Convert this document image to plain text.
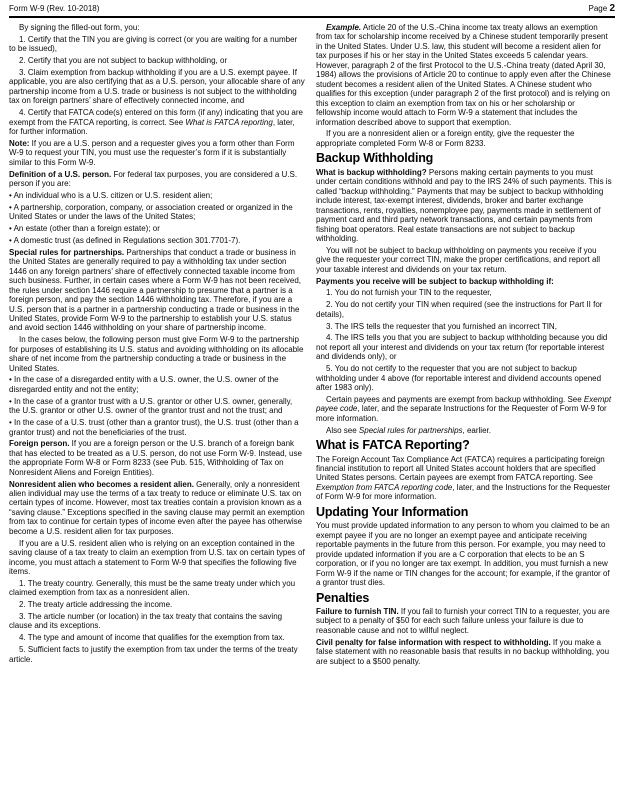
Form W-9 (Rev. 10-2018)	Page 2

By signing the filled-out form, you:

1. Certify that the TIN you are giving is correct (or you are waiting for a number to be issued),

2. Certify that you are not subject to backup withholding, or

3. Claim exemption from backup withholding if you are a U.S. exempt payee. If applicable, you are also certifying that as a U.S. person, your allocable share of any partnership income from a U.S. trade or business is not subject to the withholding tax on foreign partners’ share of effectively connected income, and

4. Certify that FATCA code(s) entered on this form (if any) indicating that you are exempt from the FATCA reporting, is correct. See What is FATCA reporting, later, for further information.

Note: If you are a U.S. person and a requester gives you a form other than Form W-9 to request your TIN, you must use the requester’s form if it is substantially similar to this Form W-9.

Definition of a U.S. person. For federal tax purposes, you are considered a U.S. person if you are:

• An individual who is a U.S. citizen or U.S. resident alien;

• A partnership, corporation, company, or association created or organized in the United States or under the laws of the United States;

• An estate (other than a foreign estate); or

• A domestic trust (as defined in Regulations section 301.7701-7).

Special rules for partnerships. Partnerships that conduct a trade or business in the United States are generally required to pay a withholding tax under section 1446 on any foreign partners’ share of effectively connected taxable income from such business. Further, in certain cases where a Form W-9 has not been received, the rules under section 1446 require a partnership to presume that a partner is a foreign person, and pay the section 1446 withholding tax. Therefore, if you are a U.S. person that is a partner in a partnership conducting a trade or business in the United States, provide Form W-9 to the partnership to establish your U.S. status and avoid section 1446 withholding on your share of partnership income.

In the cases below, the following person must give Form W-9 to the partnership for purposes of establishing its U.S. status and avoiding withholding on its allocable share of net income from the partnership conducting a trade or business in the United States.

• In the case of a disregarded entity with a U.S. owner, the U.S. owner of the disregarded entity and not the entity;

• In the case of a grantor trust with a U.S. grantor or other U.S. owner, generally, the U.S. grantor or other U.S. owner of the grantor trust and not the trust; and

• In the case of a U.S. trust (other than a grantor trust), the U.S. trust (other than a grantor trust) and not the beneficiaries of the trust.

Foreign person. If you are a foreign person or the U.S. branch of a foreign bank that has elected to be treated as a U.S. person, do not use Form W-9. Instead, use the appropriate Form W-8 or Form 8233 (see Pub. 515, Withholding of Tax on Nonresident Aliens and Foreign Entities).

Nonresident alien who becomes a resident alien. Generally, only a nonresident alien individual may use the terms of a tax treaty to reduce or eliminate U.S. tax on certain types of income. However, most tax treaties contain a provision known as a “saving clause.” Exceptions specified in the saving clause may permit an exemption from tax to continue for certain types of income even after the payee has otherwise become a U.S. resident alien for tax purposes.

If you are a U.S. resident alien who is relying on an exception contained in the saving clause of a tax treaty to claim an exemption from U.S. tax on certain types of income, you must attach a statement to Form W-9 that specifies the following five items.

1. The treaty country. Generally, this must be the same treaty under which you claimed exemption from tax as a nonresident alien.

2. The treaty article addressing the income.

3. The article number (or location) in the tax treaty that contains the saving clause and its exceptions.

4. The type and amount of income that qualifies for the exemption from tax.

5. Sufficient facts to justify the exemption from tax under the terms of the treaty article.

Example. Article 20 of the U.S.-China income tax treaty allows an exemption from tax for scholarship income received by a Chinese student temporarily present in the United States. Under U.S. law, this student will become a resident alien for tax purposes if his or her stay in the United States exceeds 5 calendar years. However, paragraph 2 of the first Protocol to the U.S.-China treaty (dated April 30, 1984) allows the provisions of Article 20 to continue to apply even after the Chinese student becomes a resident alien of the United States. A Chinese student who qualifies for this exception (under paragraph 2 of the first protocol) and is relying on this exception to claim an exemption from tax on his or her scholarship or fellowship income would attach to Form W-9 a statement that includes the information described above to support that exemption.

If you are a nonresident alien or a foreign entity, give the requester the appropriate completed Form W-8 or Form 8233.

Backup Withholding

What is backup withholding? Persons making certain payments to you must under certain conditions withhold and pay to the IRS 24% of such payments. This is called “backup withholding.” Payments that may be subject to backup withholding include interest, tax-exempt interest, dividends, broker and barter exchange transactions, rents, royalties, nonemployee pay, payments made in settlement of payment card and third party network transactions, and certain payments from fishing boat operators. Real estate transactions are not subject to backup withholding.

You will not be subject to backup withholding on payments you receive if you give the requester your correct TIN, make the proper certifications, and report all your taxable interest and dividends on your tax return.

Payments you receive will be subject to backup withholding if:

1. You do not furnish your TIN to the requester,

2. You do not certify your TIN when required (see the instructions for Part II for details),

3. The IRS tells the requester that you furnished an incorrect TIN,

4. The IRS tells you that you are subject to backup withholding because you did not report all your interest and dividends on your tax return (for reportable interest and dividends only), or

5. You do not certify to the requester that you are not subject to backup withholding under 4 above (for reportable interest and dividend accounts opened after 1983 only).

Certain payees and payments are exempt from backup withholding. See Exempt payee code, later, and the separate Instructions for the Requester of Form W-9 for more information.

Also see Special rules for partnerships, earlier.

What is FATCA Reporting?

The Foreign Account Tax Compliance Act (FATCA) requires a participating foreign financial institution to report all United States account holders that are specified United States persons. Certain payees are exempt from FATCA reporting. See Exemption from FATCA reporting code, later, and the Instructions for the Requester of Form W-9 for more information.

Updating Your Information

You must provide updated information to any person to whom you claimed to be an exempt payee if you are no longer an exempt payee and anticipate receiving reportable payments in the future from this person. For example, you may need to provide updated information if you are a C corporation that elects to be an S corporation, or if you no longer are tax exempt. In addition, you must furnish a new Form W-9 if the name or TIN changes for the account; for example, if the grantor of a grantor trust dies.

Penalties

Failure to furnish TIN. If you fail to furnish your correct TIN to a requester, you are subject to a penalty of $50 for each such failure unless your failure is due to reasonable cause and not to willful neglect.

Civil penalty for false information with respect to withholding. If you make a false statement with no reasonable basis that results in no backup withholding, you are subject to a $500 penalty.
